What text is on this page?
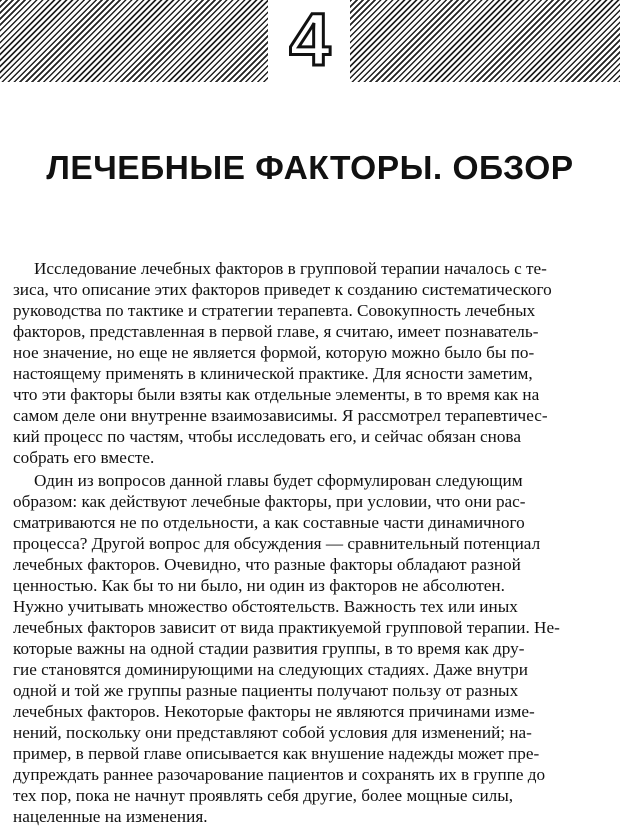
4
ЛЕЧЕБНЫЕ ФАКТОРЫ. ОБЗОР

Исследование лечебных факторов в групповой терапии началось с те-
зиса, что описание этих факторов приведет к созданию систематического
руководства по тактике и стратегии терапевта. Совокупность лечебных
факторов, представленная в первой главе, я считаю, имеет познаватель-
ное значение, но еще не является формой, которую можно было бы по-
настоящему применять в клинической практике. Для ясности заметим,
что эти факторы были взяты как отдельные элементы, в то время как на
самом деле они внутренне взаимозависимы. Я рассмотрел терапевтичес-
кий процесс по частям, чтобы исследовать его, и сейчас обязан снова
собрать его вместе.

Один из вопросов данной главы будет сформулирован следующим
образом: как действуют лечебные факторы, при условии, что они рас-
сматриваются не по отдельности, а как составные части динамичного
процесса? Другой вопрос для обсуждения — сравнительный потенциал
лечебных факторов. Очевидно, что разные факторы обладают разной
ценностью. Как бы то ни было, ни один из факторов не абсолютен.
Нужно учитывать множество обстоятельств. Важность тех или иных
лечебных факторов зависит от вида практикуемой групповой терапии. Не-
которые важны на одной стадии развития группы, в то время как дру-
гие становятся доминирующими на следующих стадиях. Даже внутри
одной и той же группы разные пациенты получают пользу от разных
лечебных факторов. Некоторые факторы не являются причинами изме-
нений, поскольку они представляют собой условия для изменений; на-
пример, в первой главе описывается как внушение надежды может пре-
дупреждать раннее разочарование пациентов и сохранять их в группе до
тех пор, пока не начнут проявлять себя другие, более мощные силы,
нацеленные на изменения.
